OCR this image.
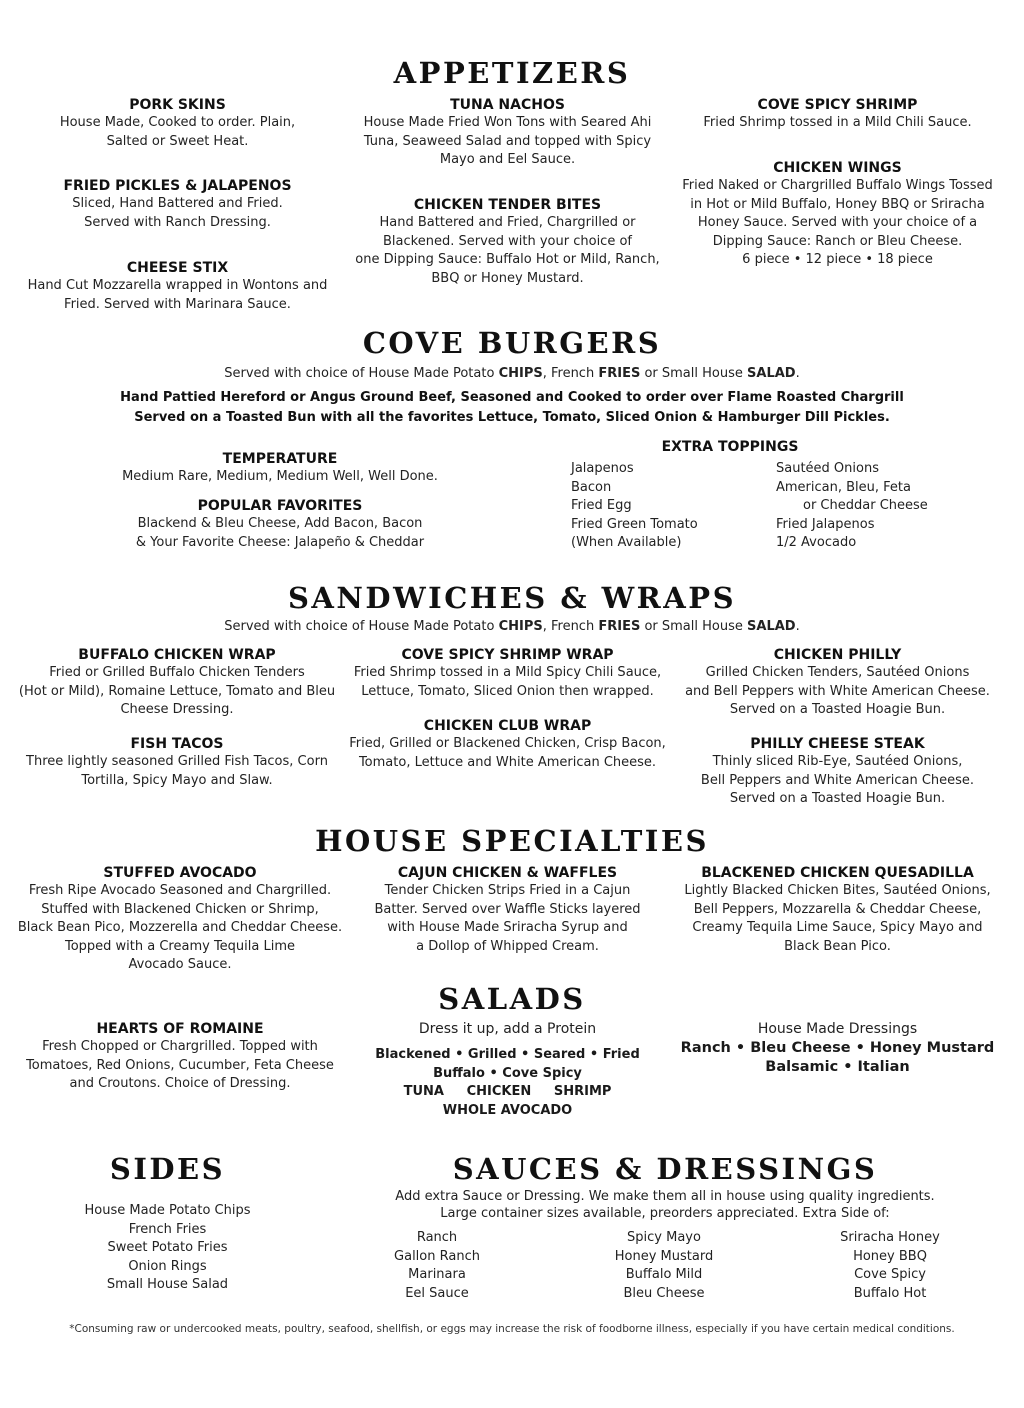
APPETIZERS
PORK SKINS
House Made, Cooked to order. Plain,
Salted or Sweet Heat.
FRIED PICKLES & JALAPENOS
Sliced, Hand Battered and Fried.
Served with Ranch Dressing.
CHEESE STIX
Hand Cut Mozzarella wrapped in Wontons and
Fried. Served with Marinara Sauce.
TUNA NACHOS
House Made Fried Won Tons with Seared Ahi
Tuna, Seaweed Salad and topped with Spicy
Mayo and Eel Sauce.
CHICKEN TENDER BITES
Hand Battered and Fried, Chargrilled or
Blackened. Served with your choice of
one Dipping Sauce: Buffalo Hot or Mild, Ranch,
BBQ or Honey Mustard.
COVE SPICY SHRIMP
Fried Shrimp tossed in a Mild Chili Sauce.
CHICKEN WINGS
Fried Naked or Chargrilled Buffalo Wings Tossed
in Hot or Mild Buffalo, Honey BBQ or Sriracha
Honey Sauce. Served with your choice of a
Dipping Sauce: Ranch or Bleu Cheese.
6 piece • 12 piece • 18 piece
COVE BURGERS
Served with choice of House Made Potato CHIPS, French FRIES or Small House SALAD.
Hand Pattied Hereford or Angus Ground Beef, Seasoned and Cooked to order over Flame Roasted Chargrill
Served on a Toasted Bun with all the favorites Lettuce, Tomato, Sliced Onion & Hamburger Dill Pickles.
TEMPERATURE
Medium Rare, Medium, Medium Well, Well Done.
POPULAR FAVORITES
Blackend & Bleu Cheese, Add Bacon, Bacon
& Your Favorite Cheese: Jalapeño & Cheddar
EXTRA TOPPINGS
Jalapenos
Bacon
Fried Egg
Fried Green Tomato
(When Available)
Sautéed Onions
American, Bleu, Feta
or Cheddar Cheese
Fried Jalapenos
1/2 Avocado
SANDWICHES & WRAPS
Served with choice of House Made Potato CHIPS, French FRIES or Small House SALAD.
BUFFALO CHICKEN WRAP
Fried or Grilled Buffalo Chicken Tenders
(Hot or Mild), Romaine Lettuce, Tomato and Bleu
Cheese Dressing.
FISH TACOS
Three lightly seasoned Grilled Fish Tacos, Corn
Tortilla, Spicy Mayo and Slaw.
COVE SPICY SHRIMP WRAP
Fried Shrimp tossed in a Mild Spicy Chili Sauce,
Lettuce, Tomato, Sliced Onion then wrapped.
CHICKEN CLUB WRAP
Fried, Grilled or Blackened Chicken, Crisp Bacon,
Tomato, Lettuce and White American Cheese.
CHICKEN PHILLY
Grilled Chicken Tenders, Sautéed Onions
and Bell Peppers with White American Cheese.
Served on a Toasted Hoagie Bun.
PHILLY CHEESE STEAK
Thinly sliced Rib-Eye, Sautéed Onions,
Bell Peppers and White American Cheese.
Served on a Toasted Hoagie Bun.
HOUSE SPECIALTIES
STUFFED AVOCADO
Fresh Ripe Avocado Seasoned and Chargrilled.
Stuffed with Blackened Chicken or Shrimp,
Black Bean Pico, Mozzerella and Cheddar Cheese.
Topped with a Creamy Tequila Lime
Avocado Sauce.
CAJUN CHICKEN & WAFFLES
Tender Chicken Strips Fried in a Cajun
Batter. Served over Waffle Sticks layered
with House Made Sriracha Syrup and
a Dollop of Whipped Cream.
BLACKENED CHICKEN QUESADILLA
Lightly Blacked Chicken Bites, Sautéed Onions,
Bell Peppers, Mozzarella & Cheddar Cheese,
Creamy Tequila Lime Sauce, Spicy Mayo and
Black Bean Pico.
SALADS
HEARTS OF ROMAINE
Fresh Chopped or Chargrilled. Topped with
Tomatoes, Red Onions, Cucumber, Feta Cheese
and Croutons. Choice of Dressing.
Dress it up, add a Protein
Blackened • Grilled • Seared • Fried
Buffalo • Cove Spicy
TUNA     CHICKEN     SHRIMP
WHOLE AVOCADO
House Made Dressings
Ranch • Bleu Cheese • Honey Mustard
Balsamic • Italian
SIDES
House Made Potato Chips
French Fries
Sweet Potato Fries
Onion Rings
Small House Salad
SAUCES & DRESSINGS
Add extra Sauce or Dressing. We make them all in house using quality ingredients.
Large container sizes available, preorders appreciated. Extra Side of:
Ranch
Gallon Ranch
Marinara
Eel Sauce
Spicy Mayo
Honey Mustard
Buffalo Mild
Bleu Cheese
Sriracha Honey
Honey BBQ
Cove Spicy
Buffalo Hot
*Consuming raw or undercooked meats, poultry, seafood, shellfish, or eggs may increase the risk of foodborne illness, especially if you have certain medical conditions.
